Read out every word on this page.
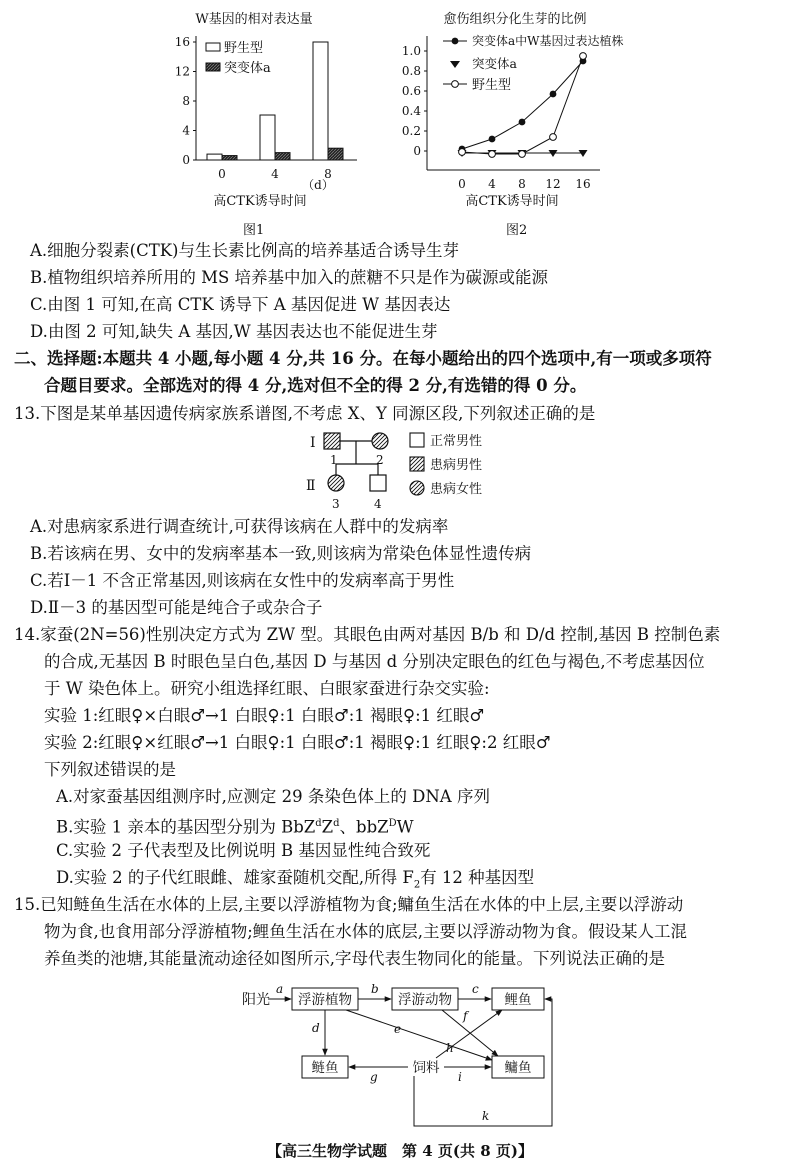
W基因的相对表达量
0
4
8
12
16
0	4	8
野生型
突变体a
（d）
高CTK诱导时间
图1
愈伤组织分化生芽的比例
0
0.2
0.4
0.6
0.8
1.0
0 4 8 12 16
突变体a中W基因过表达植株
突变体a
野生型
高CTK诱导时间
图2
A.细胞分裂素(CTK)与生长素比例高的培养基适合诱导生芽
B.植物组织培养所用的 MS 培养基中加入的蔗糖不只是作为碳源或能源
C.由图 1 可知,在高 CTK 诱导下 A 基因促进 W 基因表达
D.由图 2 可知,缺失 A 基因,W 基因表达也不能促进生芽
二、选择题:本题共 4 小题,每小题 4 分,共 16 分。在每小题给出的四个选项中,有一项或多项符
合题目要求。全部选对的得 4 分,选对但不全的得 2 分,有选错的得 0 分。
13.下图是某单基因遗传病家族系谱图,不考虑 X、Y 同源区段,下列叙述正确的是
Ⅰ
Ⅱ
1	2
3	4
正常男性
患病男性
患病女性
A.对患病家系进行调查统计,可获得该病在人群中的发病率
B.若该病在男、女中的发病率基本一致,则该病为常染色体显性遗传病
C.若Ⅰ－1 不含正常基因,则该病在女性中的发病率高于男性
D.Ⅱ－3 的基因型可能是纯合子或杂合子
14.家蚕(2N=56)性别决定方式为 ZW 型。其眼色由两对基因 B/b 和 D/d 控制,基因 B 控制色素
的合成,无基因 B 时眼色呈白色,基因 D 与基因 d 分别决定眼色的红色与褐色,不考虑基因位
于 W 染色体上。研究小组选择红眼、白眼家蚕进行杂交实验:
实验 1:红眼♀×白眼♂→1 白眼♀:1 白眼♂:1 褐眼♀:1 红眼♂
实验 2:红眼♀×红眼♂→1 白眼♀:1 白眼♂:1 褐眼♀:1 红眼♀:2 红眼♂
下列叙述错误的是
A.对家蚕基因组测序时,应测定 29 条染色体上的 DNA 序列
B.实验 1 亲本的基因型分别为 $BbZ^dZ^d$、bbZ$^D$W
C.实验 2 子代表型及比例说明 B 基因显性纯合致死
D.实验 2 的子代红眼雌、雄家蚕随机交配,所得 $F_2$有 12 种基因型
15.已知鲢鱼生活在水体的上层,主要以浮游植物为食;鳙鱼生活在水体的中上层,主要以浮游动
物为食,也食用部分浮游植物;鲤鱼生活在水体的底层,主要以浮游动物为食。假设某人工混
养鱼类的池塘,其能量流动途径如图所示,字母代表生物同化的能量。下列说法正确的是
阳光 浮游植物	浮游动物	鲤鱼
鲢鱼	饲料	鳙鱼
a	b	c
d	e
f
h
g	i
k
【高三生物学试题　第 4 页(共 8 页)】
